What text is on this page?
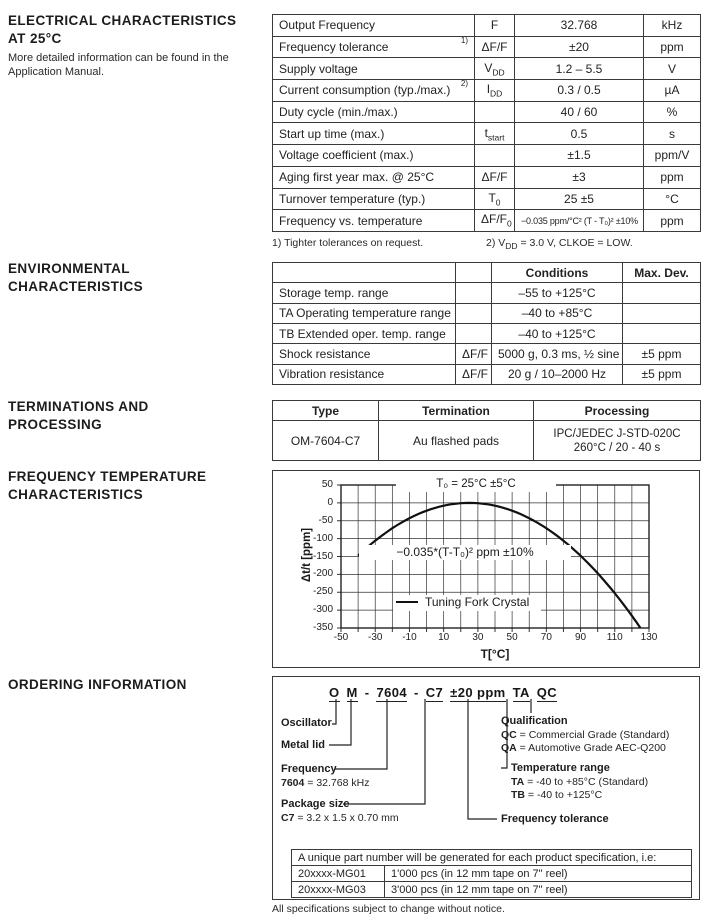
ELECTRICAL CHARACTERISTICS
AT 25°C
More detailed information can be found in the
Application Manual.
ENVIRONMENTAL
CHARACTERISTICS
TERMINATIONS AND
PROCESSING
FREQUENCY TEMPERATURE
CHARACTERISTICS
ORDERING INFORMATION
Output Frequency	F	32.768	kHz
Frequency tolerance 1)	ΔF/F	±20	ppm
Supply voltage	$V_{DD}$	1.2 – 5.5	V
Current consumption (typ./max.) 2)	$I_{DD}$	0.3 / 0.5	µA
Duty cycle (min./max.)		40 / 60	%
Start up time (max.)	$t_{start}$	0.5	s
Voltage coefficient (max.)		±1.5	ppm/V
Aging first year max. @ 25°C	ΔF/F	±3	ppm
Turnover temperature (typ.)	$T_0$	25 ±5	°C
Frequency vs. temperature	$\Delta F/F_0$	−0.035 ppm/°C² (T - T₀)² ±10%	ppm
1) Tighter tolerances on request.	2) $V_{DD} = 3.0$ V, CLKOE = LOW.
		Conditions	Max. Dev.
Storage temp. range		–55 to +125°C	
TA Operating temperature range		–40 to +85°C	
TB Extended oper. temp. range		–40 to +125°C	
Shock resistance	ΔF/F	5000 g, 0.3 ms, ½ sine	±5 ppm
Vibration resistance	ΔF/F	20 g / 10–2000 Hz	±5 ppm
Type	Termination	Processing
OM-7604-C7	Au flashed pads	IPC/JEDEC J-STD-020C
260°C / 20 - 40 s
50
0
-50
-100
-150
-200
-250
-300
-350
-50	-30	-10	10	30	50	70	90	110	130
T₀ = 25°C ±5°C
−0.035*(T-T₀)² ppm ±10%
Tuning Fork Crystal
T[°C]
Δt/t [ppm]
O M - 7604 - C7 ±20 ppm TA QC
Oscillator
Metal lid
Frequency
7604 = 32.768 kHz
Package size
C7 = 3.2 x 1.5 x 0.70 mm
Qualification
QC = Commercial Grade (Standard)
QA = Automotive Grade AEC-Q200
Temperature range
TA = -40 to +85°C (Standard)
TB = -40 to +125°C
Frequency tolerance
A unique part number will be generated for each product specification, i.e:	
20xxxx-MG01	1'000 pcs (in 12 mm tape on 7" reel)
20xxxx-MG03	3'000 pcs (in 12 mm tape on 7" reel)
All specifications subject to change without notice.
